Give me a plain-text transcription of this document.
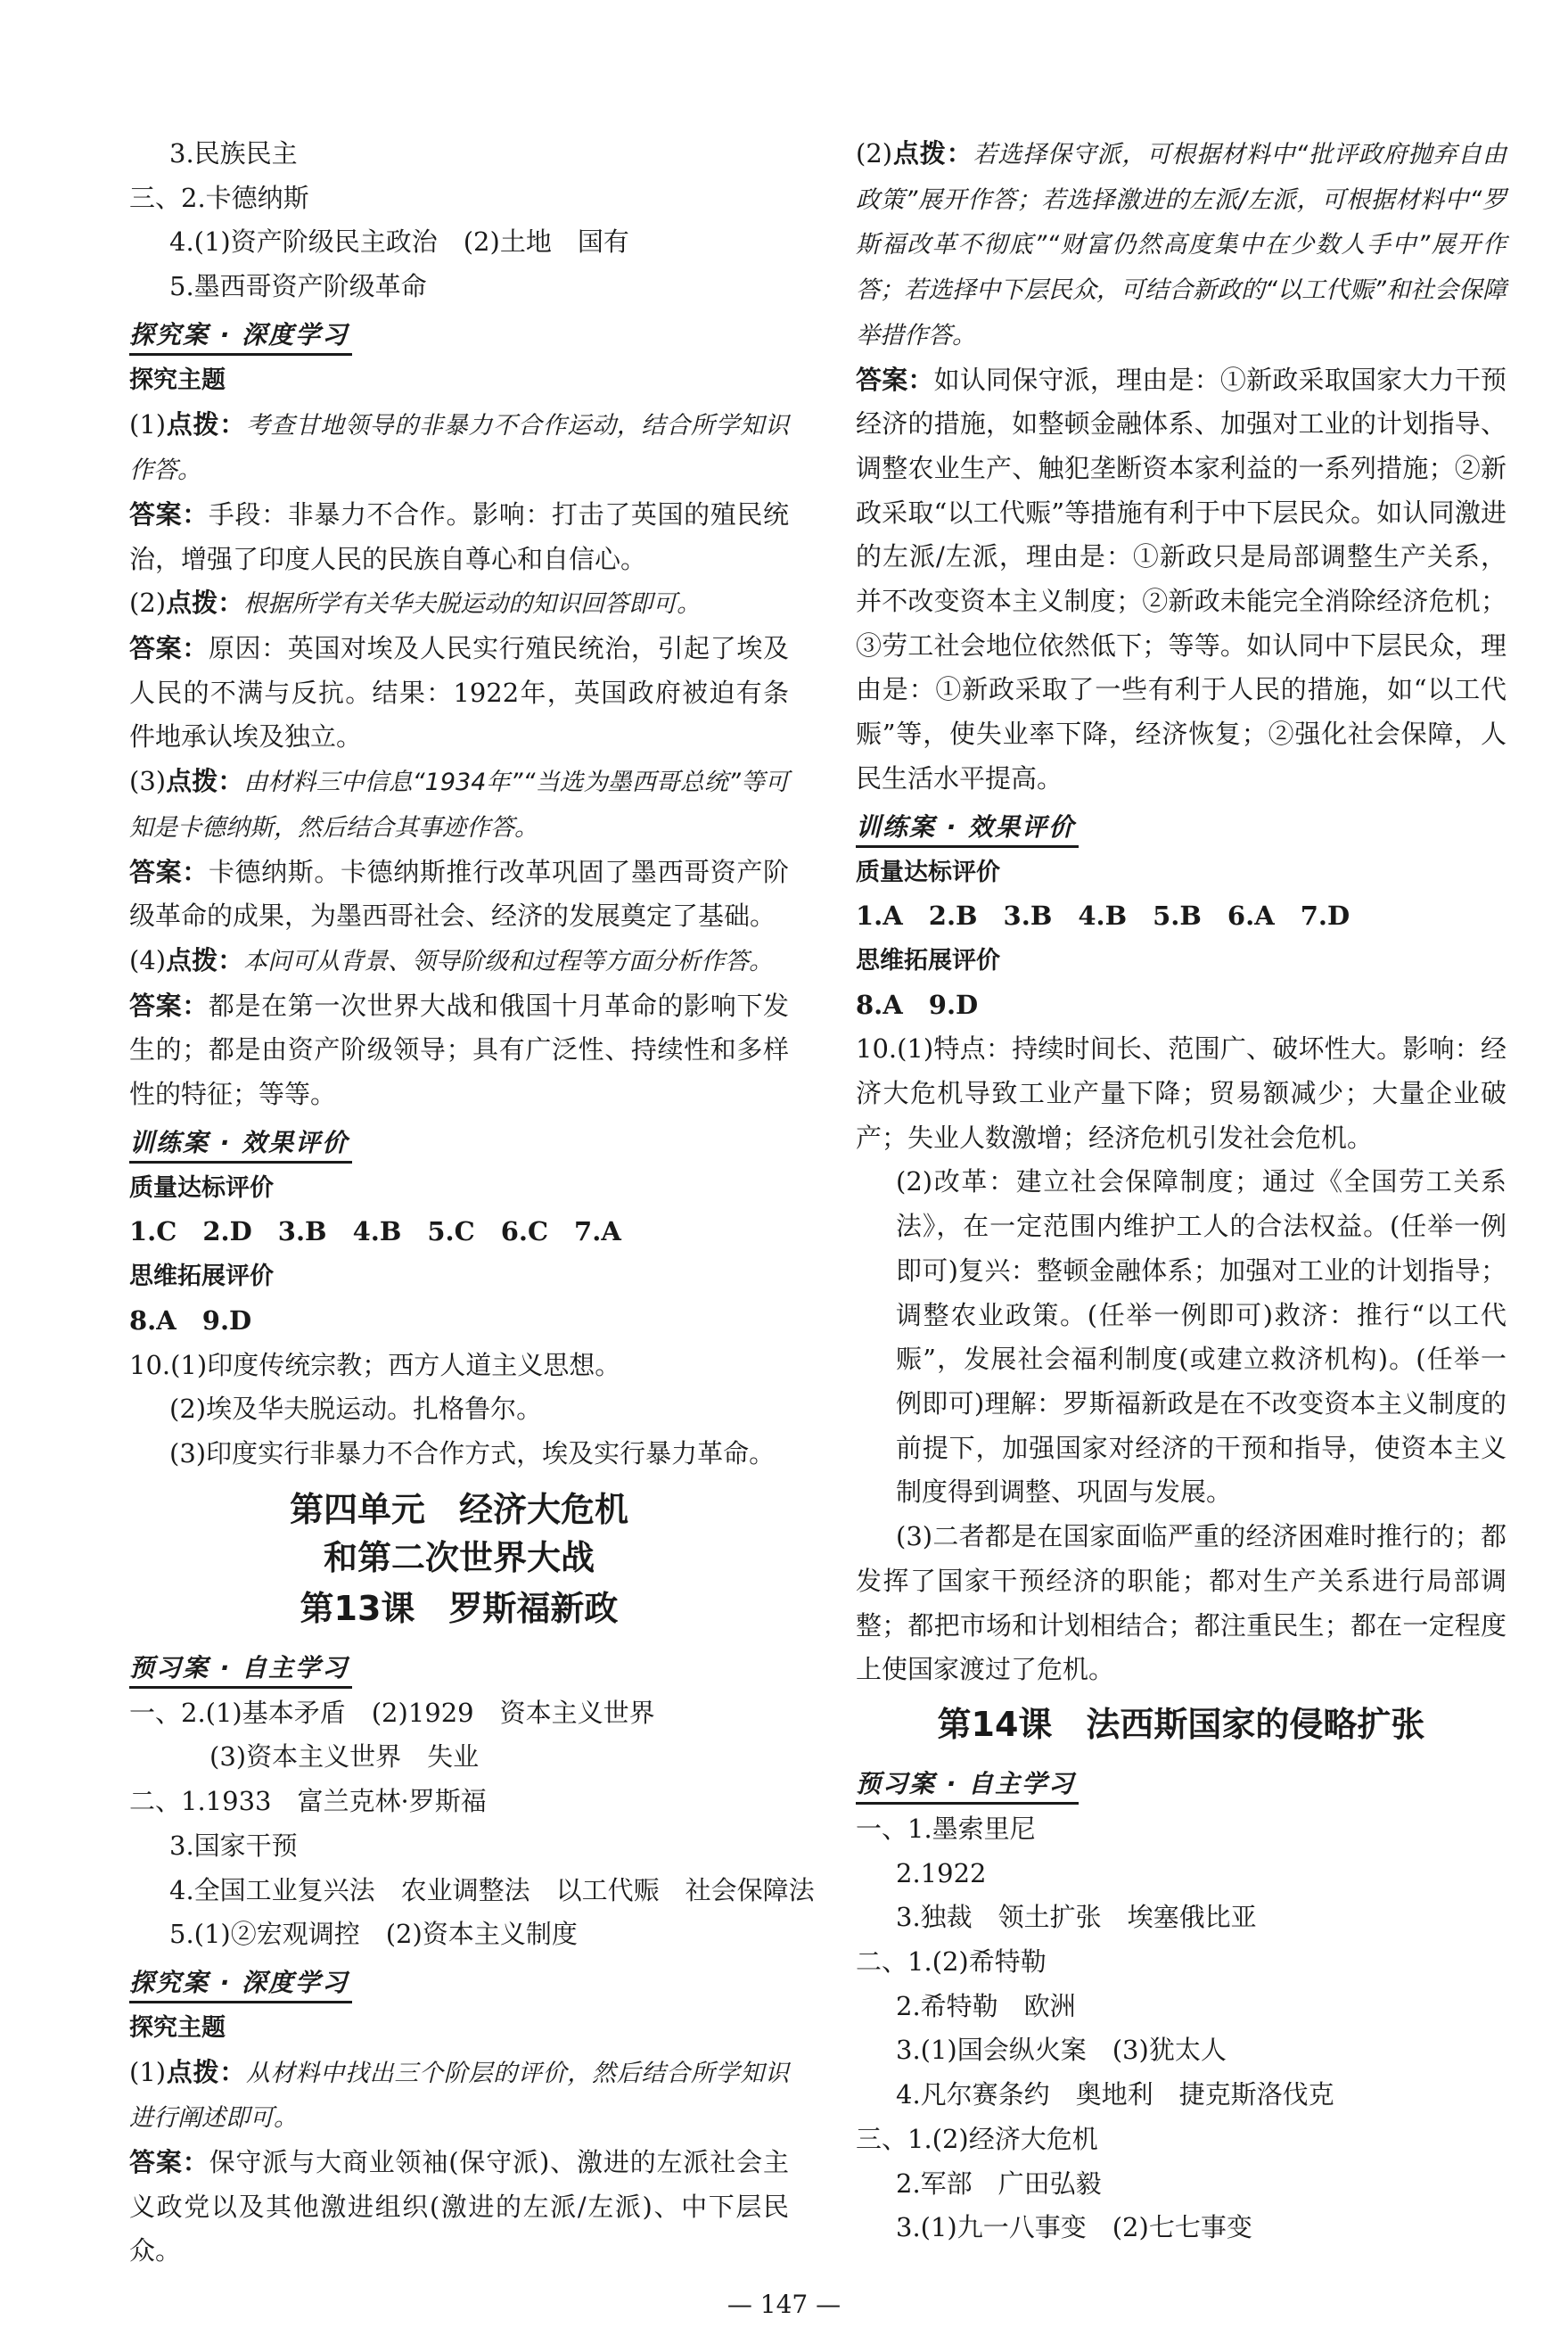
3.民族民主

三、2.卡德纳斯

4.(1)资产阶级民主政治　(2)土地　国有

5.墨西哥资产阶级革命

探究案 · 深度学习

探究主题

(1)点拨：考查甘地领导的非暴力不合作运动，结合所学知识作答。

答案：手段：非暴力不合作。影响：打击了英国的殖民统治，增强了印度人民的民族自尊心和自信心。

(2)点拨：根据所学有关华夫脱运动的知识回答即可。

答案：原因：英国对埃及人民实行殖民统治，引起了埃及人民的不满与反抗。结果：1922年，英国政府被迫有条件地承认埃及独立。

(3)点拨：由材料三中信息“1934年”“当选为墨西哥总统”等可知是卡德纳斯，然后结合其事迹作答。

答案：卡德纳斯。卡德纳斯推行改革巩固了墨西哥资产阶级革命的成果，为墨西哥社会、经济的发展奠定了基础。

(4)点拨：本问可从背景、领导阶级和过程等方面分析作答。

答案：都是在第一次世界大战和俄国十月革命的影响下发生的；都是由资产阶级领导；具有广泛性、持续性和多样性的特征；等等。

训练案 · 效果评价

质量达标评价

1.C　2.D　3.B　4.B　5.C　6.C　7.A

思维拓展评价

8.A　9.D

10.(1)印度传统宗教；西方人道主义思想。

(2)埃及华夫脱运动。扎格鲁尔。

(3)印度实行非暴力不合作方式，埃及实行暴力革命。

第四单元　经济大危机

和第二次世界大战

第13课　罗斯福新政

预习案 · 自主学习

一、2.(1)基本矛盾　(2)1929　资本主义世界

(3)资本主义世界　失业

二、1.1933　富兰克林·罗斯福

3.国家干预

4.全国工业复兴法　农业调整法　以工代赈　社会保障法

5.(1)②宏观调控　(2)资本主义制度

探究案 · 深度学习

探究主题

(1)点拨：从材料中找出三个阶层的评价，然后结合所学知识进行阐述即可。

答案：保守派与大商业领袖(保守派)、激进的左派社会主义政党以及其他激进组织(激进的左派/左派)、中下层民众。

(2)点拨：若选择保守派，可根据材料中“批评政府抛弃自由政策”展开作答；若选择激进的左派/左派，可根据材料中“罗斯福改革不彻底”“财富仍然高度集中在少数人手中”展开作答；若选择中下层民众，可结合新政的“以工代赈”和社会保障举措作答。

答案：如认同保守派，理由是：①新政采取国家大力干预经济的措施，如整顿金融体系、加强对工业的计划指导、调整农业生产、触犯垄断资本家利益的一系列措施；②新政采取“以工代赈”等措施有利于中下层民众。如认同激进的左派/左派，理由是：①新政只是局部调整生产关系，并不改变资本主义制度；②新政未能完全消除经济危机；③劳工社会地位依然低下；等等。如认同中下层民众，理由是：①新政采取了一些有利于人民的措施，如“以工代赈”等，使失业率下降，经济恢复；②强化社会保障，人民生活水平提高。

训练案 · 效果评价

质量达标评价

1.A　2.B　3.B　4.B　5.B　6.A　7.D

思维拓展评价

8.A　9.D

10.(1)特点：持续时间长、范围广、破坏性大。影响：经济大危机导致工业产量下降；贸易额减少；大量企业破产；失业人数激增；经济危机引发社会危机。

(2)改革：建立社会保障制度；通过《全国劳工关系法》，在一定范围内维护工人的合法权益。(任举一例即可)复兴：整顿金融体系；加强对工业的计划指导；调整农业政策。(任举一例即可)救济：推行“以工代赈”，发展社会福利制度(或建立救济机构)。(任举一例即可)理解：罗斯福新政是在不改变资本主义制度的前提下，加强国家对经济的干预和指导，使资本主义制度得到调整、巩固与发展。

(3)二者都是在国家面临严重的经济困难时推行的；都发挥了国家干预经济的职能；都对生产关系进行局部调整；都把市场和计划相结合；都注重民生；都在一定程度上使国家渡过了危机。

第14课　法西斯国家的侵略扩张

预习案 · 自主学习

一、1.墨索里尼

2.1922

3.独裁　领土扩张　埃塞俄比亚

二、1.(2)希特勒

2.希特勒　欧洲

3.(1)国会纵火案　(3)犹太人

4.凡尔赛条约　奥地利　捷克斯洛伐克

三、1.(2)经济大危机

2.军部　广田弘毅

3.(1)九一八事变　(2)七七事变

— 147 —
